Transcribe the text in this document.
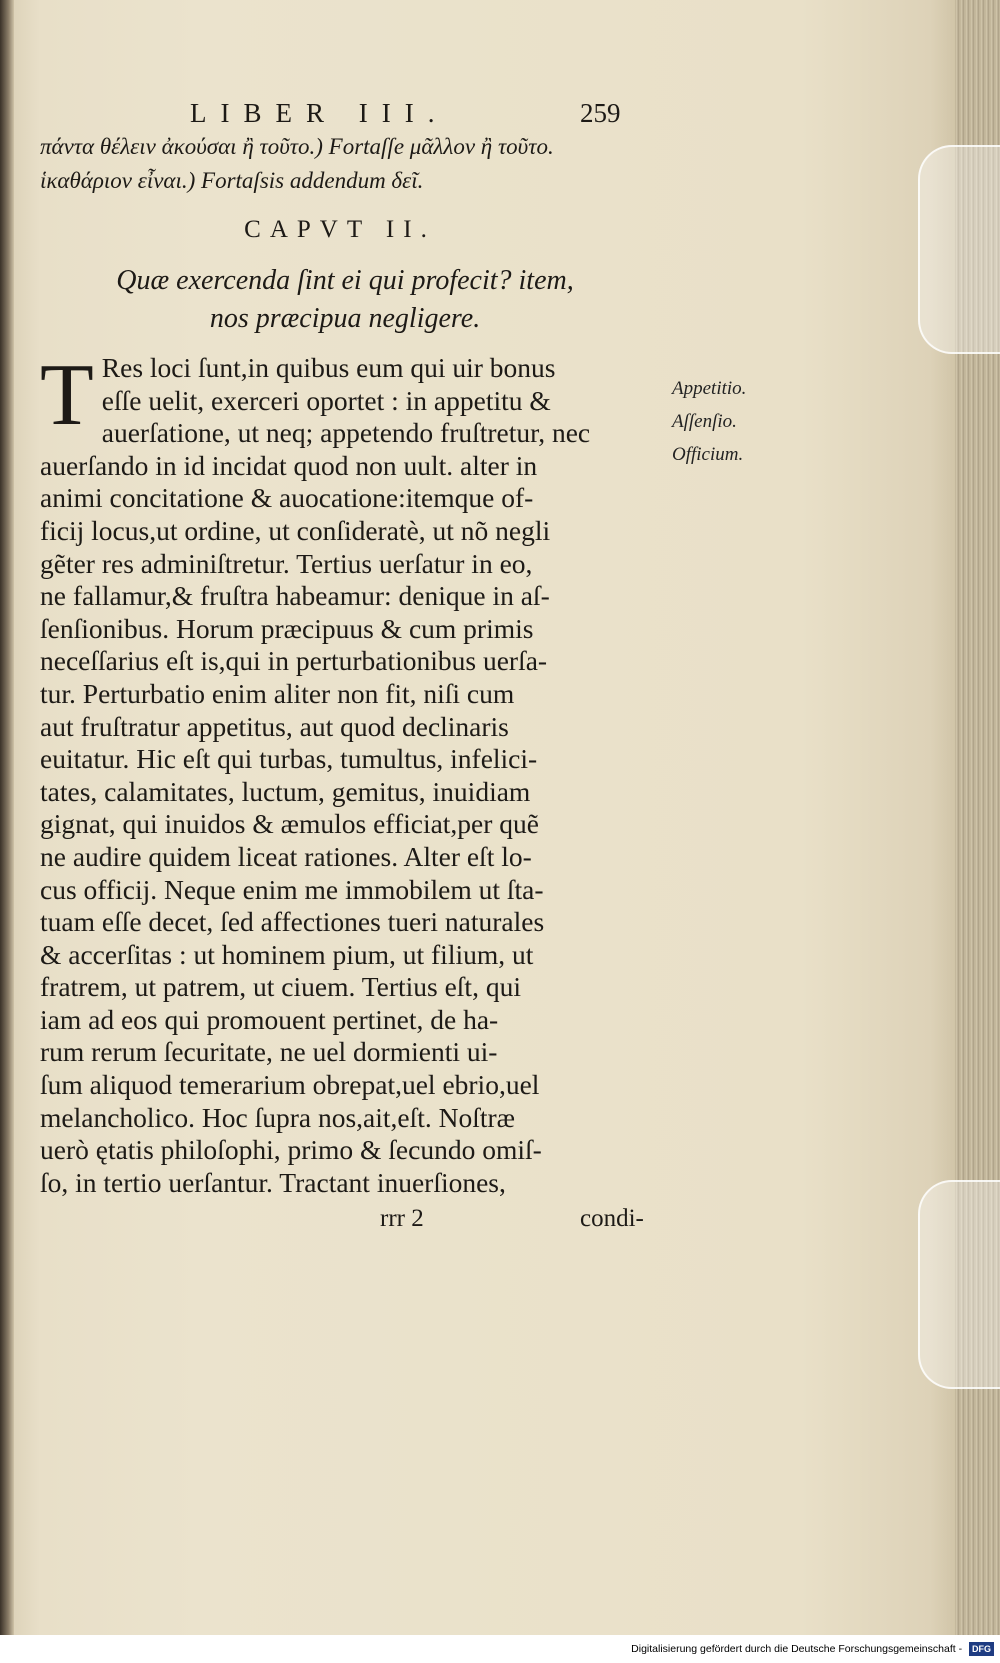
LIBER III.	259
πάντα θέλειν ἀκούσαι ἢ τοῦτο.) Fortaſſe μᾶλλον ἢ τοῦτο.
ἱκαθάριον εἶναι.) Fortaſsis addendum δεῖ.
CAPVT II.
Quæ exercenda ſint ei qui profecit? item,
nos præcipua negligere.
T Res loci ſunt,in quibus eum qui uir bonus
eſſe uelit, exerceri oportet : in appetitu &
auerſatione, ut neq; appetendo fruſtretur, nec
auerſando in id incidat quod non uult. alter in
animi concitatione & auocatione:itemque of-
ficij locus,ut ordine, ut conſideratè, ut nõ negli
gẽter res adminiſtretur. Tertius uerſatur in eo,
ne fallamur,& fruſtra habeamur: denique in aſ-
ſenſionibus. Horum præcipuus & cum primis
neceſſarius eſt is,qui in perturbationibus uerſa-
tur. Perturbatio enim aliter non fit, niſi cum
aut fruſtratur appetitus, aut quod declinaris
euitatur. Hic eſt qui turbas, tumultus, infelici-
tates, calamitates, luctum, gemitus, inuidiam
gignat, qui inuidos & æmulos efficiat,per quẽ
ne audire quidem liceat rationes. Alter eſt lo-
cus officij. Neque enim me immobilem ut ſta-
tuam eſſe decet, ſed affectiones tueri naturales
& accerſitas : ut hominem pium, ut filium, ut
fratrem, ut patrem, ut ciuem. Tertius eſt, qui
iam ad eos qui promouent pertinet, de ha-
rum rerum ſecuritate, ne uel dormienti ui-
ſum aliquod temerarium obrepat,uel ebrio,uel
melancholico. Hoc ſupra nos,ait,eſt. Noſtræ
uerò ętatis philoſophi, primo & ſecundo omiſ-
ſo, in tertio uerſantur. Tractant inuerſiones,
rrr 2	condi-
Appetitio.
Aſſenſio.
Officium.
Digitalisierung gefördert durch die Deutsche Forschungsgemeinschaft - DFG
